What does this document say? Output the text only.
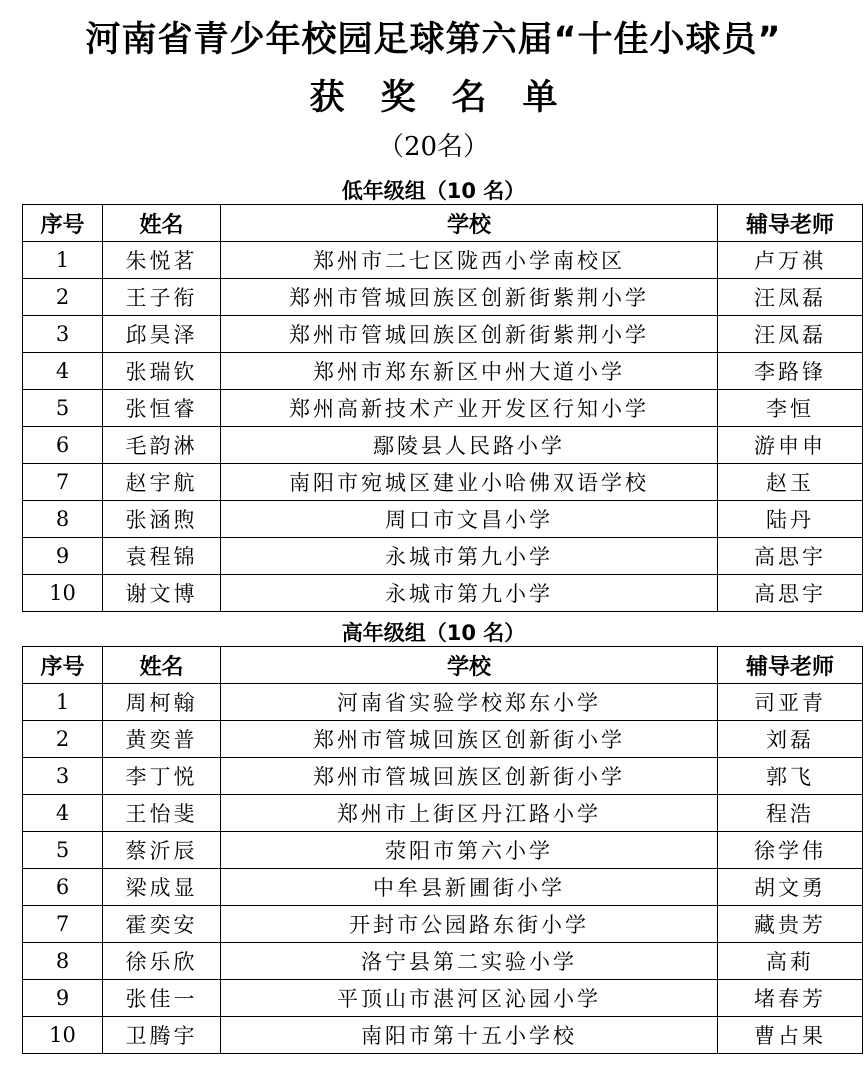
河南省青少年校园足球第六届“十佳小球员”
获奖名单
（20名）
低年级组（10 名）
序号	姓名	学校	辅导老师
1	朱悦茗	郑州市二七区陇西小学南校区	卢万祺
2	王子衔	郑州市管城回族区创新街紫荆小学	汪凤磊
3	邱昊泽	郑州市管城回族区创新街紫荆小学	汪凤磊
4	张瑞钦	郑州市郑东新区中州大道小学	李路锋
5	张恒睿	郑州高新技术产业开发区行知小学	李恒
6	毛韵淋	鄢陵县人民路小学	游申申
7	赵宇航	南阳市宛城区建业小哈佛双语学校	赵玉
8	张涵煦	周口市文昌小学	陆丹
9	袁程锦	永城市第九小学	高思宇
10	谢文博	永城市第九小学	高思宇
高年级组（10 名）
序号	姓名	学校	辅导老师
1	周柯翰	河南省实验学校郑东小学	司亚青
2	黄奕普	郑州市管城回族区创新街小学	刘磊
3	李丁悦	郑州市管城回族区创新街小学	郭飞
4	王怡斐	郑州市上街区丹江路小学	程浩
5	蔡沂辰	荥阳市第六小学	徐学伟
6	梁成显	中牟县新圃街小学	胡文勇
7	霍奕安	开封市公园路东街小学	藏贵芳
8	徐乐欣	洛宁县第二实验小学	高莉
9	张佳一	平顶山市湛河区沁园小学	堵春芳
10	卫腾宇	南阳市第十五小学校	曹占果
